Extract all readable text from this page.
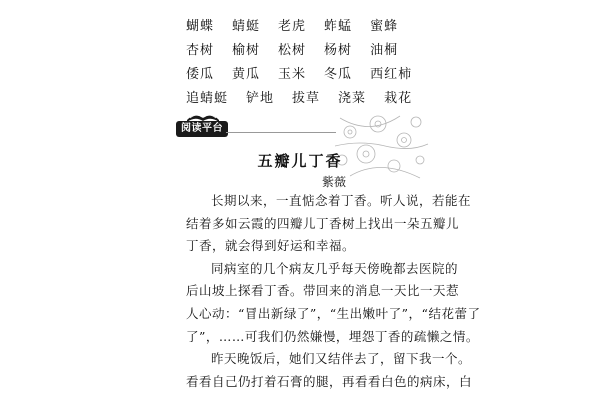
蝴蝶 蜻蜓 老虎 蚱蜢 蜜蜂
杏树 榆树 松树 杨树 油桐
倭瓜 黄瓜 玉米 冬瓜 西红柿
追蜻蜓 铲地 拔草 浇菜 栽花
阅读平台
五瓣儿丁香
紫薇
长期以来，一直惦念着丁香。听人说，若能在
结着多如云霞的四瓣儿丁香树上找出一朵五瓣儿
丁香，就会得到好运和幸福。
同病室的几个病友几乎每天傍晚都去医院的
后山坡上探看丁香。带回来的消息一天比一天惹
人心动：“冒出新绿了”，“生出嫩叶了”，“结花蕾了
了”，……可我们仍然嫌慢，埋怨丁香的疏懒之情。
昨天晚饭后，她们又结伴去了，留下我一个。
看看自己仍打着石膏的腿，再看看白色的病床，白
